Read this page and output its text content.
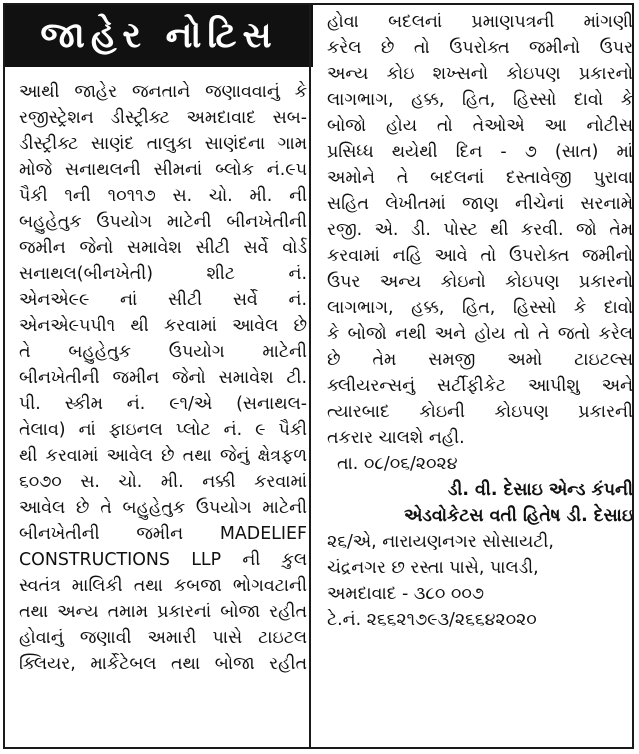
જાહેર નોટિસ
આથી જાહેર જનતાને જણાવવાનું કે
રજીસ્ટ્રેશન ડીસ્ટ્રીક્ટ અમદાવાદ સબ-
ડીસ્ટ્રીક્ટ સાણંદ તાલુકા સાણંદના ગામ
મોજે સનાથલની સીમનાં બ્લોક નં.૯૫
પૈકી ૧ની ૧૦૧૧૭ સ. ચો. મી. ની
બહુહેતુક ઉપયોગ માટેની બીનખેતીની
જમીન જેનો સમાવેશ સીટી સર્વે વોર્ડ
સનાથલ(બીનખેતી) શીટ નં.
એનએ૯૯ નાં સીટી સર્વે નં.
એનએ૯૫પી૧ થી કરવામાં આવેલ છે
તે બહુહેતુક ઉપયોગ માટેની
બીનખેતીની જમીન જેનો સમાવેશ ટી.
પી. સ્કીમ નં. ૯૧/એ (સનાથલ-
તેલાવ) નાં ફાઇનલ પ્લોટ નં. ૯ પૈકી
થી કરવામાં આવેલ છે તથા જેનું ક્ષેત્રફળ
૬૦૭૦ સ. ચો. મી. નક્કી કરવામાં
આવેલ છે તે બહુહેતુક ઉપયોગ માટેની
બીનખેતીની જમીન MADELIEF
CONSTRUCTIONS LLP ની કુલ
સ્વતંત્ર માલિકી તથા કબજા ભોગવટાની
તથા અન્ય તમામ પ્રકારનાં બોજા રહીત
હોવાનું જણાવી અમારી પાસે ટાઇટલ
ક્લિયર, માર્કેટેબલ તથા બોજા રહીત
હોવા બદલનાં પ્રમાણપત્રની માંગણી
કરેલ છે તો ઉપરોક્ત જમીનો ઉપર
અન્ય કોઇ શખ્સનો કોઇપણ પ્રકારનો
લાગભાગ, હક્ક, હિત, હિસ્સો દાવો કે
બોજો હોય તો તેઓએ આ નોટીસ
પ્રસિધ્ધ થયેથી દિન - ૭ (સાત) માં
અમોને તે બદલનાં દસ્તાવેજી પુરાવા
સહિત લેખીતમાં જાણ નીચેનાં સરનામે
રજી. એ. ડી. પોસ્ટ થી કરવી. જો તેમ
કરવામાં નહિ આવે તો ઉપરોક્ત જમીનો
ઉપર અન્ય કોઇનો કોઇપણ પ્રકારનો
લાગભાગ, હક્ક, હિત, હિસ્સો કે દાવો
કે બોજો નથી અને હોય તો તે જતો કરેલ
છે તેમ સમજી અમો ટાઇટલ્સ
ક્લીયરન્સનું સર્ટીફીકેટ આપીશુ અને
ત્યારબાદ કોઇની કોઇપણ પ્રકારની
તકરાર ચાલશે નહી.
તા. ૦૮/૦૬/૨૦૨૪
ડી. વી. દેસાઇ એન્ડ કંપની
એડવોકેટસ વતી હિતેષ ડી. દેસાઇ
૨૬/એ, નારાયણનગર સોસાયટી,
ચંદ્રનગર છ રસ્તા પાસે, પાલડી,
અમદાવાદ - ૩૮૦ ૦૦૭
ટે.નં. ૨૬૬૨૧૭૯૩/૨૬૬૪૨૦૨૦
